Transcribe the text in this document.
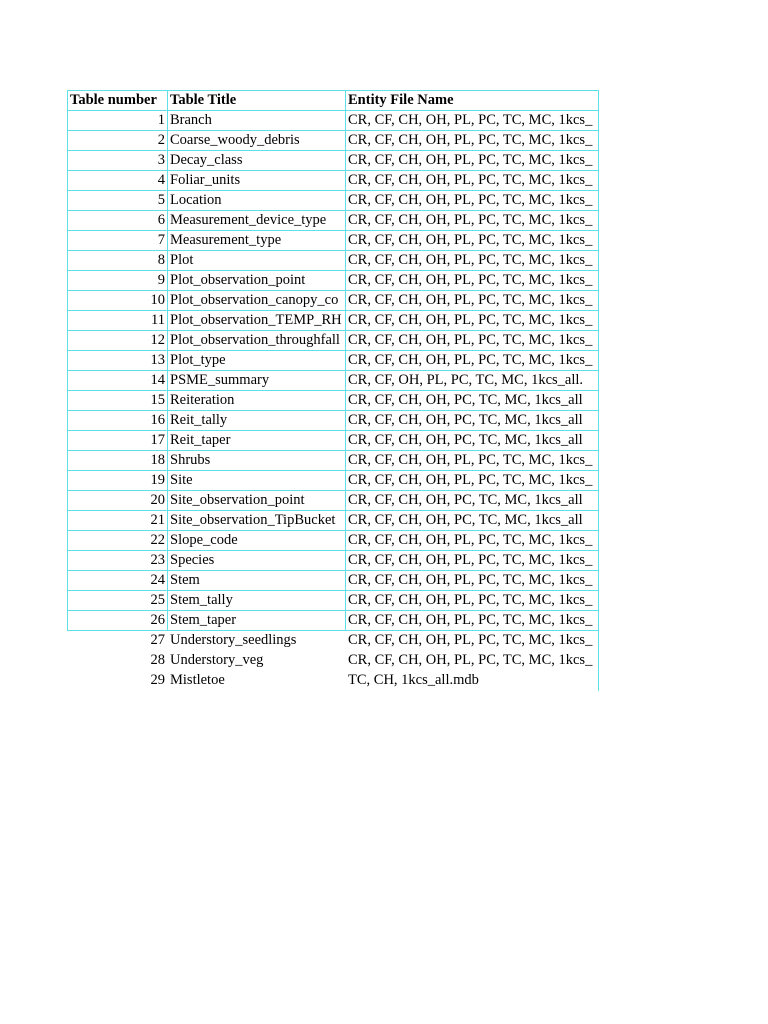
Table number	Table Title	Entity File Name
1	Branch	CR, CF, CH, OH, PL, PC, TC, MC, 1kcs_
2	Coarse_woody_debris	CR, CF, CH, OH, PL, PC, TC, MC, 1kcs_
3	Decay_class	CR, CF, CH, OH, PL, PC, TC, MC, 1kcs_
4	Foliar_units	CR, CF, CH, OH, PL, PC, TC, MC, 1kcs_
5	Location	CR, CF, CH, OH, PL, PC, TC, MC, 1kcs_
6	Measurement_device_type	CR, CF, CH, OH, PL, PC, TC, MC, 1kcs_
7	Measurement_type	CR, CF, CH, OH, PL, PC, TC, MC, 1kcs_
8	Plot	CR, CF, CH, OH, PL, PC, TC, MC, 1kcs_
9	Plot_observation_point	CR, CF, CH, OH, PL, PC, TC, MC, 1kcs_
10	Plot_observation_canopy_co	CR, CF, CH, OH, PL, PC, TC, MC, 1kcs_
11	Plot_observation_TEMP_RH	CR, CF, CH, OH, PL, PC, TC, MC, 1kcs_
12	Plot_observation_throughfall	CR, CF, CH, OH, PL, PC, TC, MC, 1kcs_
13	Plot_type	CR, CF, CH, OH, PL, PC, TC, MC, 1kcs_
14	PSME_summary	CR, CF, OH, PL, PC, TC, MC, 1kcs_all.
15	Reiteration	CR, CF, CH, OH, PC, TC, MC, 1kcs_all
16	Reit_tally	CR, CF, CH, OH, PC, TC, MC, 1kcs_all
17	Reit_taper	CR, CF, CH, OH, PC, TC, MC, 1kcs_all
18	Shrubs	CR, CF, CH, OH, PL, PC, TC, MC, 1kcs_
19	Site	CR, CF, CH, OH, PL, PC, TC, MC, 1kcs_
20	Site_observation_point	CR, CF, CH, OH, PC, TC, MC, 1kcs_all
21	Site_observation_TipBucket	CR, CF, CH, OH, PC, TC, MC, 1kcs_all
22	Slope_code	CR, CF, CH, OH, PL, PC, TC, MC, 1kcs_
23	Species	CR, CF, CH, OH, PL, PC, TC, MC, 1kcs_
24	Stem	CR, CF, CH, OH, PL, PC, TC, MC, 1kcs_
25	Stem_tally	CR, CF, CH, OH, PL, PC, TC, MC, 1kcs_
26	Stem_taper	CR, CF, CH, OH, PL, PC, TC, MC, 1kcs_
27	Understory_seedlings	CR, CF, CH, OH, PL, PC, TC, MC, 1kcs_
28	Understory_veg	CR, CF, CH, OH, PL, PC, TC, MC, 1kcs_
29	Mistletoe	TC, CH, 1kcs_all.mdb
